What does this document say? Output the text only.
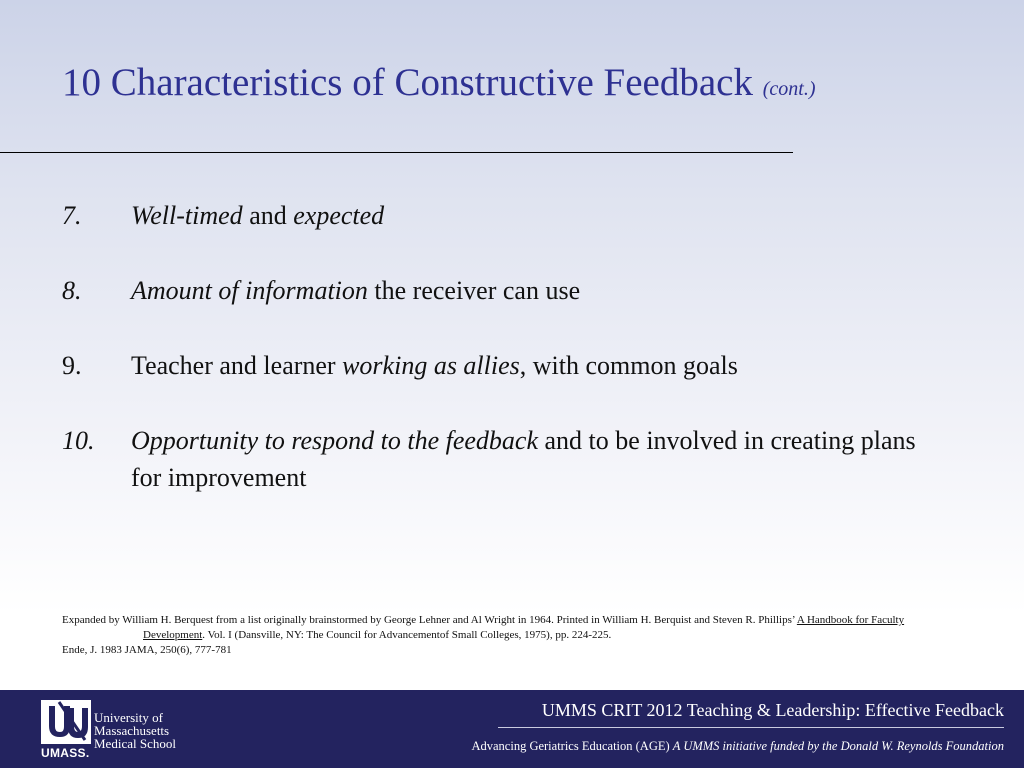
10 Characteristics of Constructive Feedback (cont.)
7. Well-timed and expected
8. Amount of information the receiver can use
9. Teacher and learner working as allies, with common goals
10. Opportunity to respond to the feedback and to be involved in creating plans for improvement

Expanded by William H. Berquest from a list originally brainstormed by George Lehner and Al Wright in 1964. Printed in William H. Berquist and Steven R. Phillips’ A Handbook for Faculty Development. Vol. I (Dansville, NY: The Council for Advancementof Small Colleges, 1975), pp. 224-225.

Ende, J. 1983 JAMA, 250(6), 777-781

UMASS.
University of
Massachusetts
Medical School
UMMS CRIT 2012 Teaching & Leadership: Effective Feedback
Advancing Geriatrics Education (AGE) A UMMS initiative funded by the Donald W. Reynolds Foundation
